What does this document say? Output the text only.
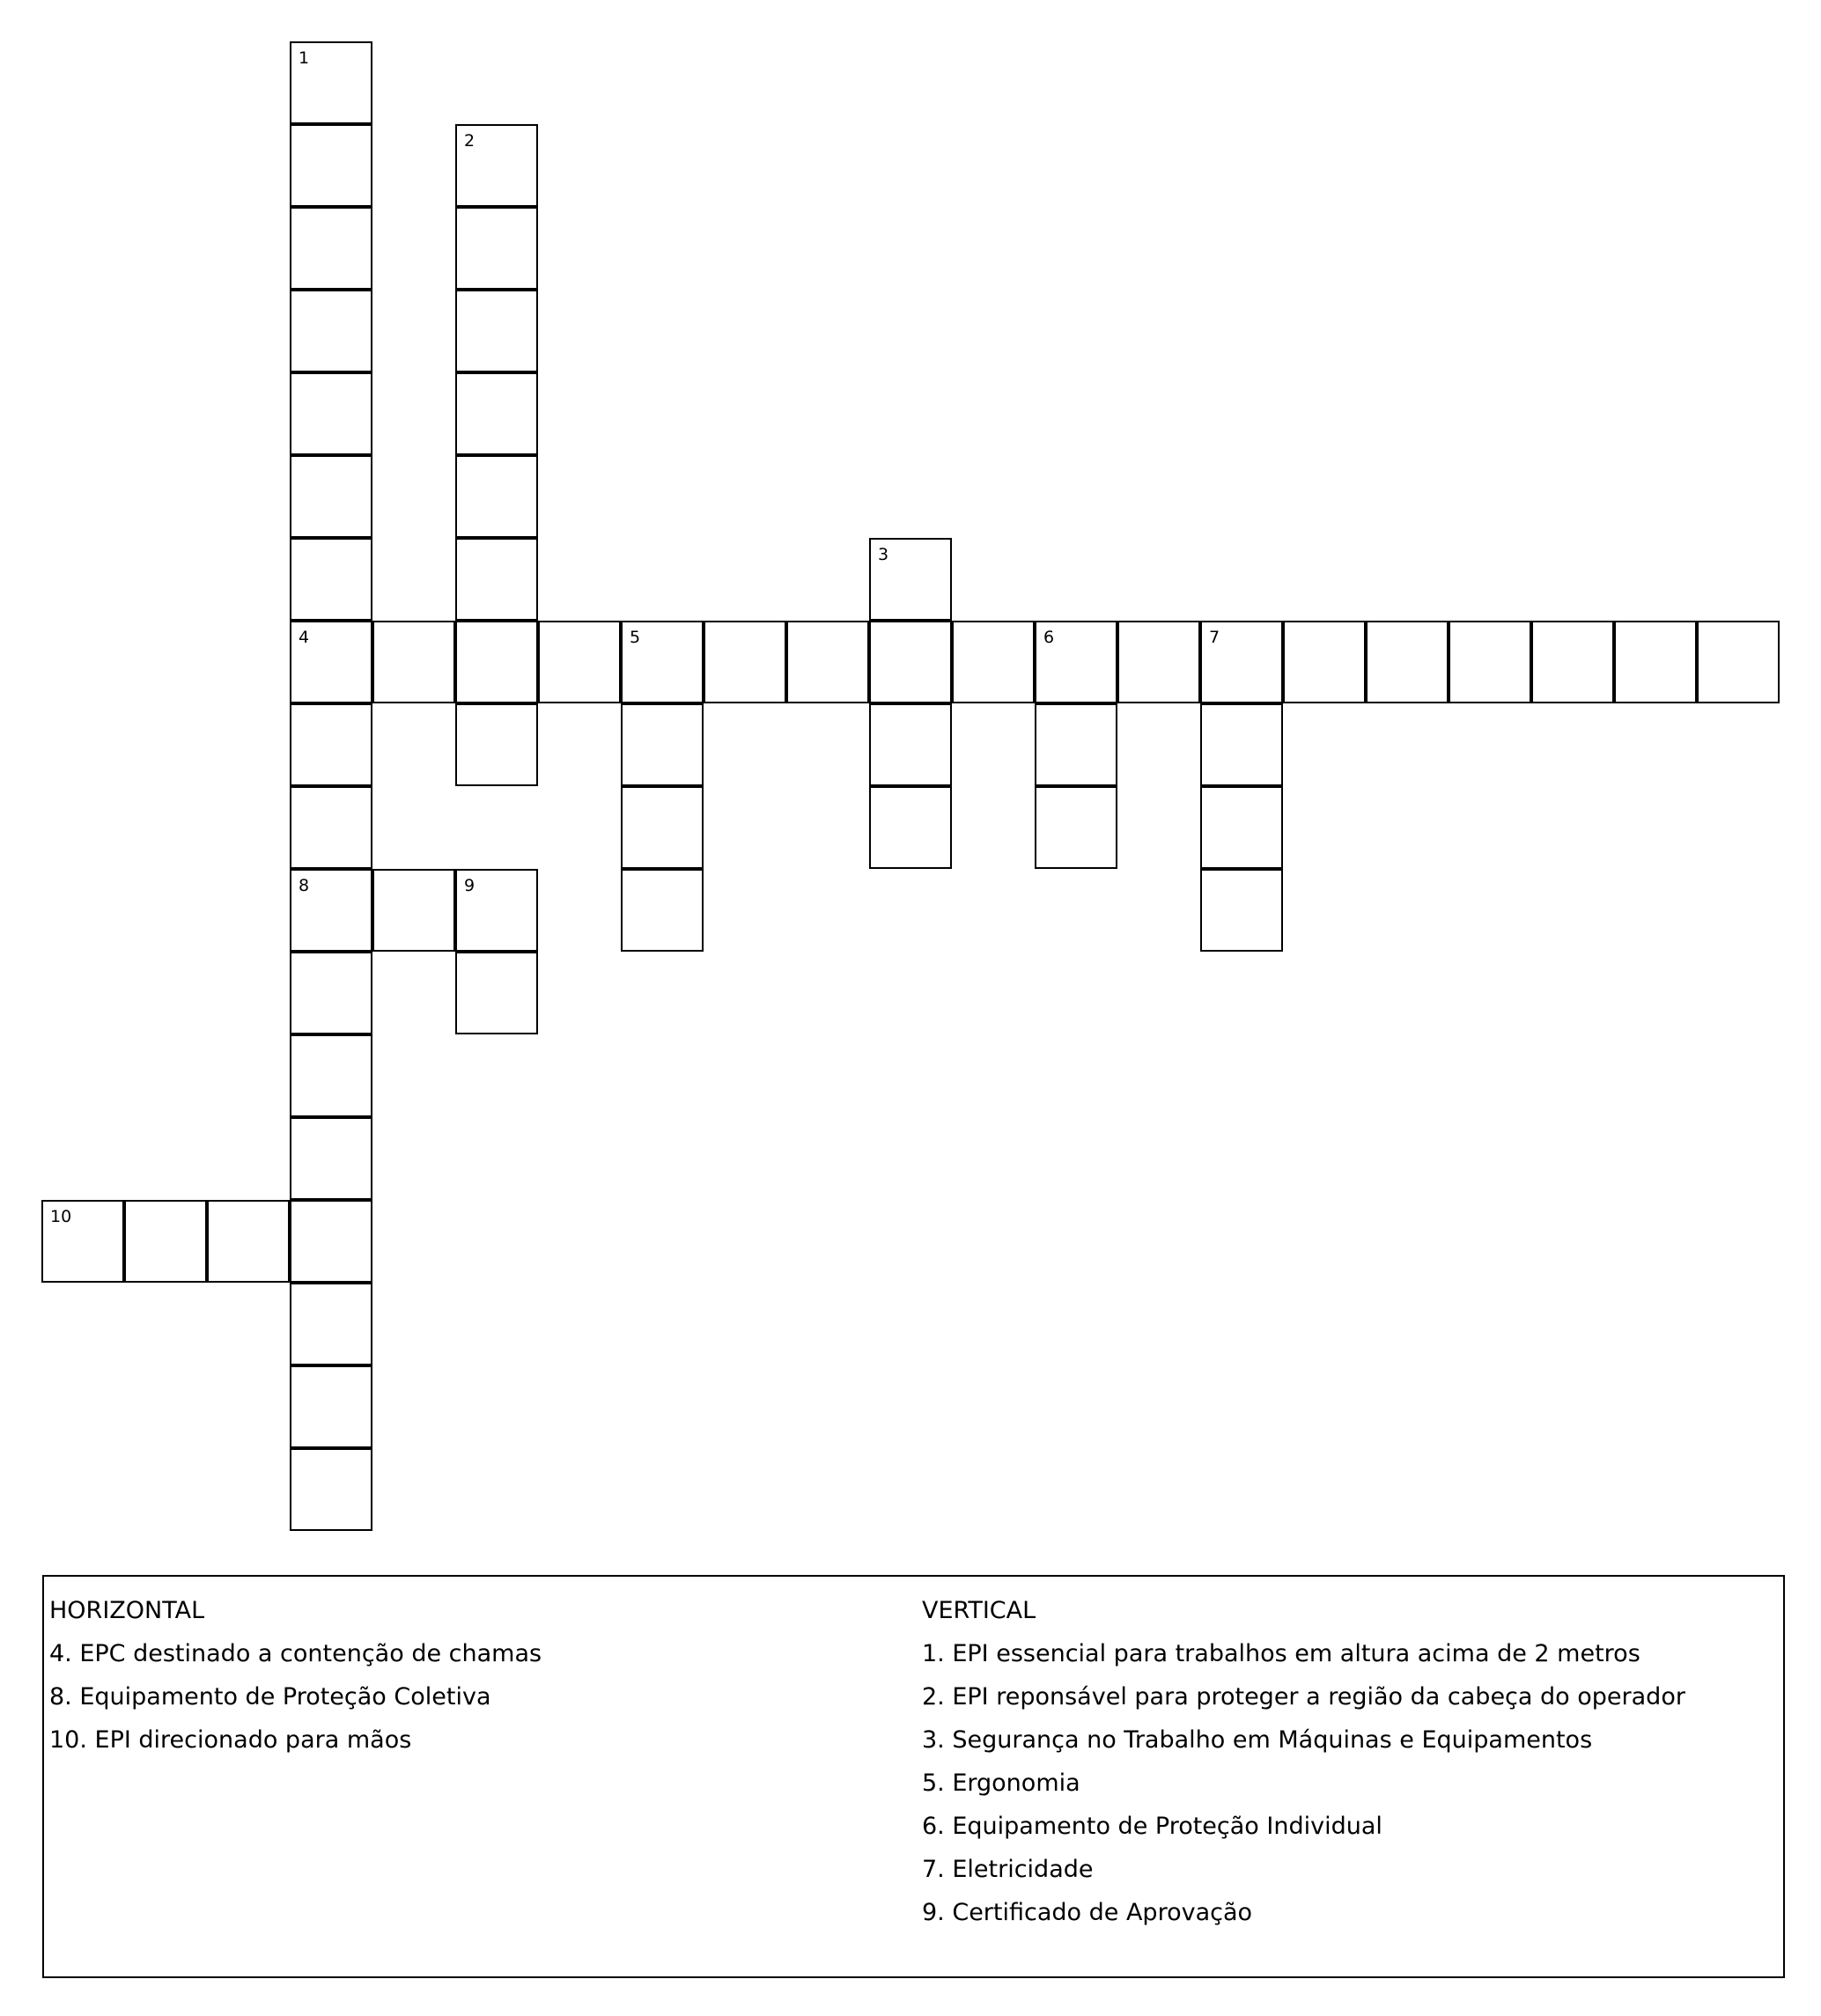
1
4
8
2
5	6	7
3
9
10
HORIZONTAL
4. EPC destinado a contenção de chamas
8. Equipamento de Proteção Coletiva
10. EPI direcionado para mãos
VERTICAL
1. EPI essencial para trabalhos em altura acima de 2 metros
2. EPI reponsável para proteger a região da cabeça do operador
3. Segurança no Trabalho em Máquinas e Equipamentos
5. Ergonomia
6. Equipamento de Proteção Individual
7. Eletricidade
9. Certificado de Aprovação
